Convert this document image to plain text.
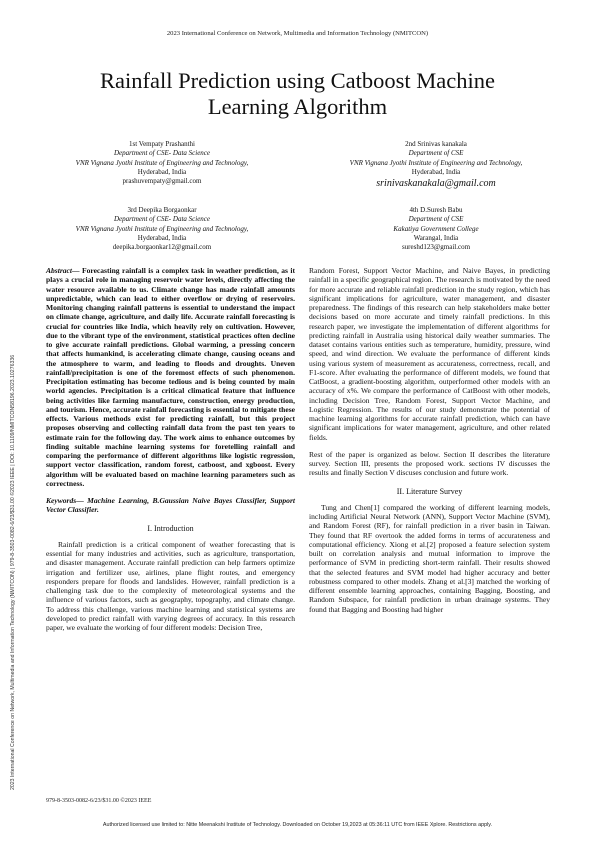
2023 International Conference on Network, Multimedia and Information Technology (NMITCON)
Rainfall Prediction using Catboost Machine
Learning Algorithm
2023 International Conference on Network, Multimedia and Information Technology (NMITCON) | 979-8-3503-0082-6/23/$31.00 ©2023 IEEE | DOI: 10.1109/NMITCON58196.2023.10276336
1st Vempaty Prashanthi
Department of CSE- Data Science
VNR Vignana Jyothi Institute of Engineering and Technology,
Hyderabad, India
prashuvempaty@gmail.com
2nd Srinivas kanakala
Department of CSE
VNR Vignana Jyothi Institute of Engineering and Technology,
Hyderabad, India
srinivaskanakala@gmail.com
3rd Deepika Borgaonkar
Department of CSE- Data Science
VNR Vignana Jyothi Institute of Engineering and Technology,
Hyderabad, India
deepika.borgaonkar12@gmail.com
4th D.Suresh Babu
Department of CSE
Kakatiya Government College
Warangal, India
sureshd123@gmail.com

Abstract— Forecasting rainfall is a complex task in weather prediction, as it plays a crucial role in managing reservoir water levels, directly affecting the water resource available to us. Climate change has made rainfall amounts unpredictable, which can lead to either overflow or drying of reservoirs. Monitoring changing rainfall patterns is essential to understand the impact on climate change, agriculture, and daily life. Accurate rainfall forecasting is crucial for countries like India, which heavily rely on cultivation. However, due to the vibrant type of the environment, statistical practices often decline to give accurate rainfall predictions. Global warming, a pressing concern that affects humankind, is accelerating climate change, causing oceans and the atmosphere to warm, and leading to floods and droughts. Uneven rainfall/precipitation is one of the foremost effects of such phenomenon. Precipitation estimating has become tedious and is being counted by main world agencies. Precipitation is a critical climatical feature that influence being activities like farming manufacture, construction, energy production, and tourism. Hence, accurate rainfall forecasting is essential to mitigate these effects. Various methods exist for predicting rainfall, but this project proposes observing and collecting rainfall data from the past ten years to estimate rain for the following day. The work aims to enhance outcomes by finding suitable machine learning systems for foretelling rainfall and comparing the performance of different algorithms like logistic regression, support vector classification, random forest, catboost, and xgboost. Every algorithm will be evaluated based on machine learning parameters such as correctness.

Keywords— Machine Learning, B.Gaussian Naive Bayes Classifier, Support Vector Classifier.

I. Introduction

Rainfall prediction is a critical component of weather forecasting that is essential for many industries and activities, such as agriculture, transportation, and disaster management. Accurate rainfall prediction can help farmers optimize irrigation and fertilizer use, airlines, plane flight routes, and emergency responders prepare for floods and landslides. However, rainfall prediction is a challenging task due to the complexity of meteorological systems and the influence of various factors, such as geography, topography, and climate change. To address this challenge, various machine learning and statistical systems are developed to predict rainfall with varying degrees of accuracy. In this research paper, we evaluate the working of four different models: Decision Tree,

Random Forest, Support Vector Machine, and Naive Bayes, in predicting rainfall in a specific geographical region. The research is motivated by the need for more accurate and reliable rainfall prediction in the study region, which has significant implications for agriculture, water management, and disaster preparedness. The findings of this research can help stakeholders make better decisions based on more accurate and timely rainfall predictions. In this research paper, we investigate the implementation of different algorithms for predicting rainfall in Australia using historical daily weather summaries. The dataset contains various entities such as temperature, humidity, pressure, wind speed, and wind direction. We evaluate the performance of different kinds using various system of measurement as accurateness, correctness, recall, and F1-score. After evaluating the performance of different models, we found that CatBoost, a gradient-boosting algorithm, outperformed other models with an accuracy of x%. We compare the performance of CatBoost with other models, including Decision Tree, Random Forest, Support Vector Machine, and Logistic Regression. The results of our study demonstrate the potential of machine learning algorithms for accurate rainfall prediction, which can have significant implications for water management, agriculture, and other related fields.

Rest of the paper is organized as below. Section II describes the literature survey. Section III, presents the proposed work. sections IV discusses the results and finally Section V discuses conclusion and future work.

II. Literature Survey

Tung and Chen[1] compared the working of different learning models, including Artificial Neural Network (ANN), Support Vector Machine (SVM), and Random Forest (RF), for rainfall prediction in a river basin in Taiwan. They found that RF overtook the added forms in terms of accurateness and computational efficiency. Xiong et al.[2] proposed a feature selection system built on correlation analysis and mutual information to improve the performance of SVM in predicting short-term rainfall. Their results showed that the selected features and SVM model had higher accuracy and better robustness compared to other models. Zhang et al.[3] matched the working of different ensemble learning approaches, containing Bagging, Boosting, and Random Subspace, for rainfall prediction in urban drainage systems. They found that Bagging and Boosting had higher

979-8-3503-0082-6/23/$31.00 ©2023 IEEE
Authorized licensed use limited to: Nitte Meenakshi Institute of Technology. Downloaded on October 19,2023 at 05:36:11 UTC from IEEE Xplore. Restrictions apply.
